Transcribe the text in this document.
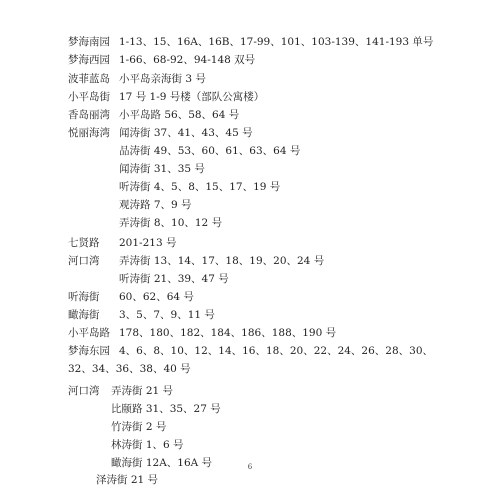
梦海南园 1-13、15、16A、16B、17-99、101、103-139、141-193 单号
梦海西园 1-66、68-92、94-148 双号
波菲蓝岛 小平岛亲海街 3 号
小平岛街 17 号 1-9 号楼（部队公寓楼）
香岛丽湾 小平岛路 56、58、64 号
悦丽海湾 闻涛街 37、41、43、45 号
品涛街 49、53、60、61、63、64 号
闻涛街 31、35 号
听涛街 4、5、8、15、17、19 号
观涛路 7、9 号
弄涛街 8、10、12 号
七贤路 201-213 号
河口湾 弄涛街 13、14、17、18、19、20、24 号
听涛街 21、39、47 号
听海街 60、62、64 号
瞰海街 3、5、7、9、11 号
小平岛路 178、180、182、184、186、188、190 号
梦海东园 4、6、8、10、12、14、16、18、20、22、24、26、28、30、
32、34、36、38、40 号
河口湾 弄涛街 21 号
比颐路 31、35、27 号
竹涛街 2 号
林涛街 1、6 号
瞰海街 12A、16A 号
泽涛街 21 号
6
